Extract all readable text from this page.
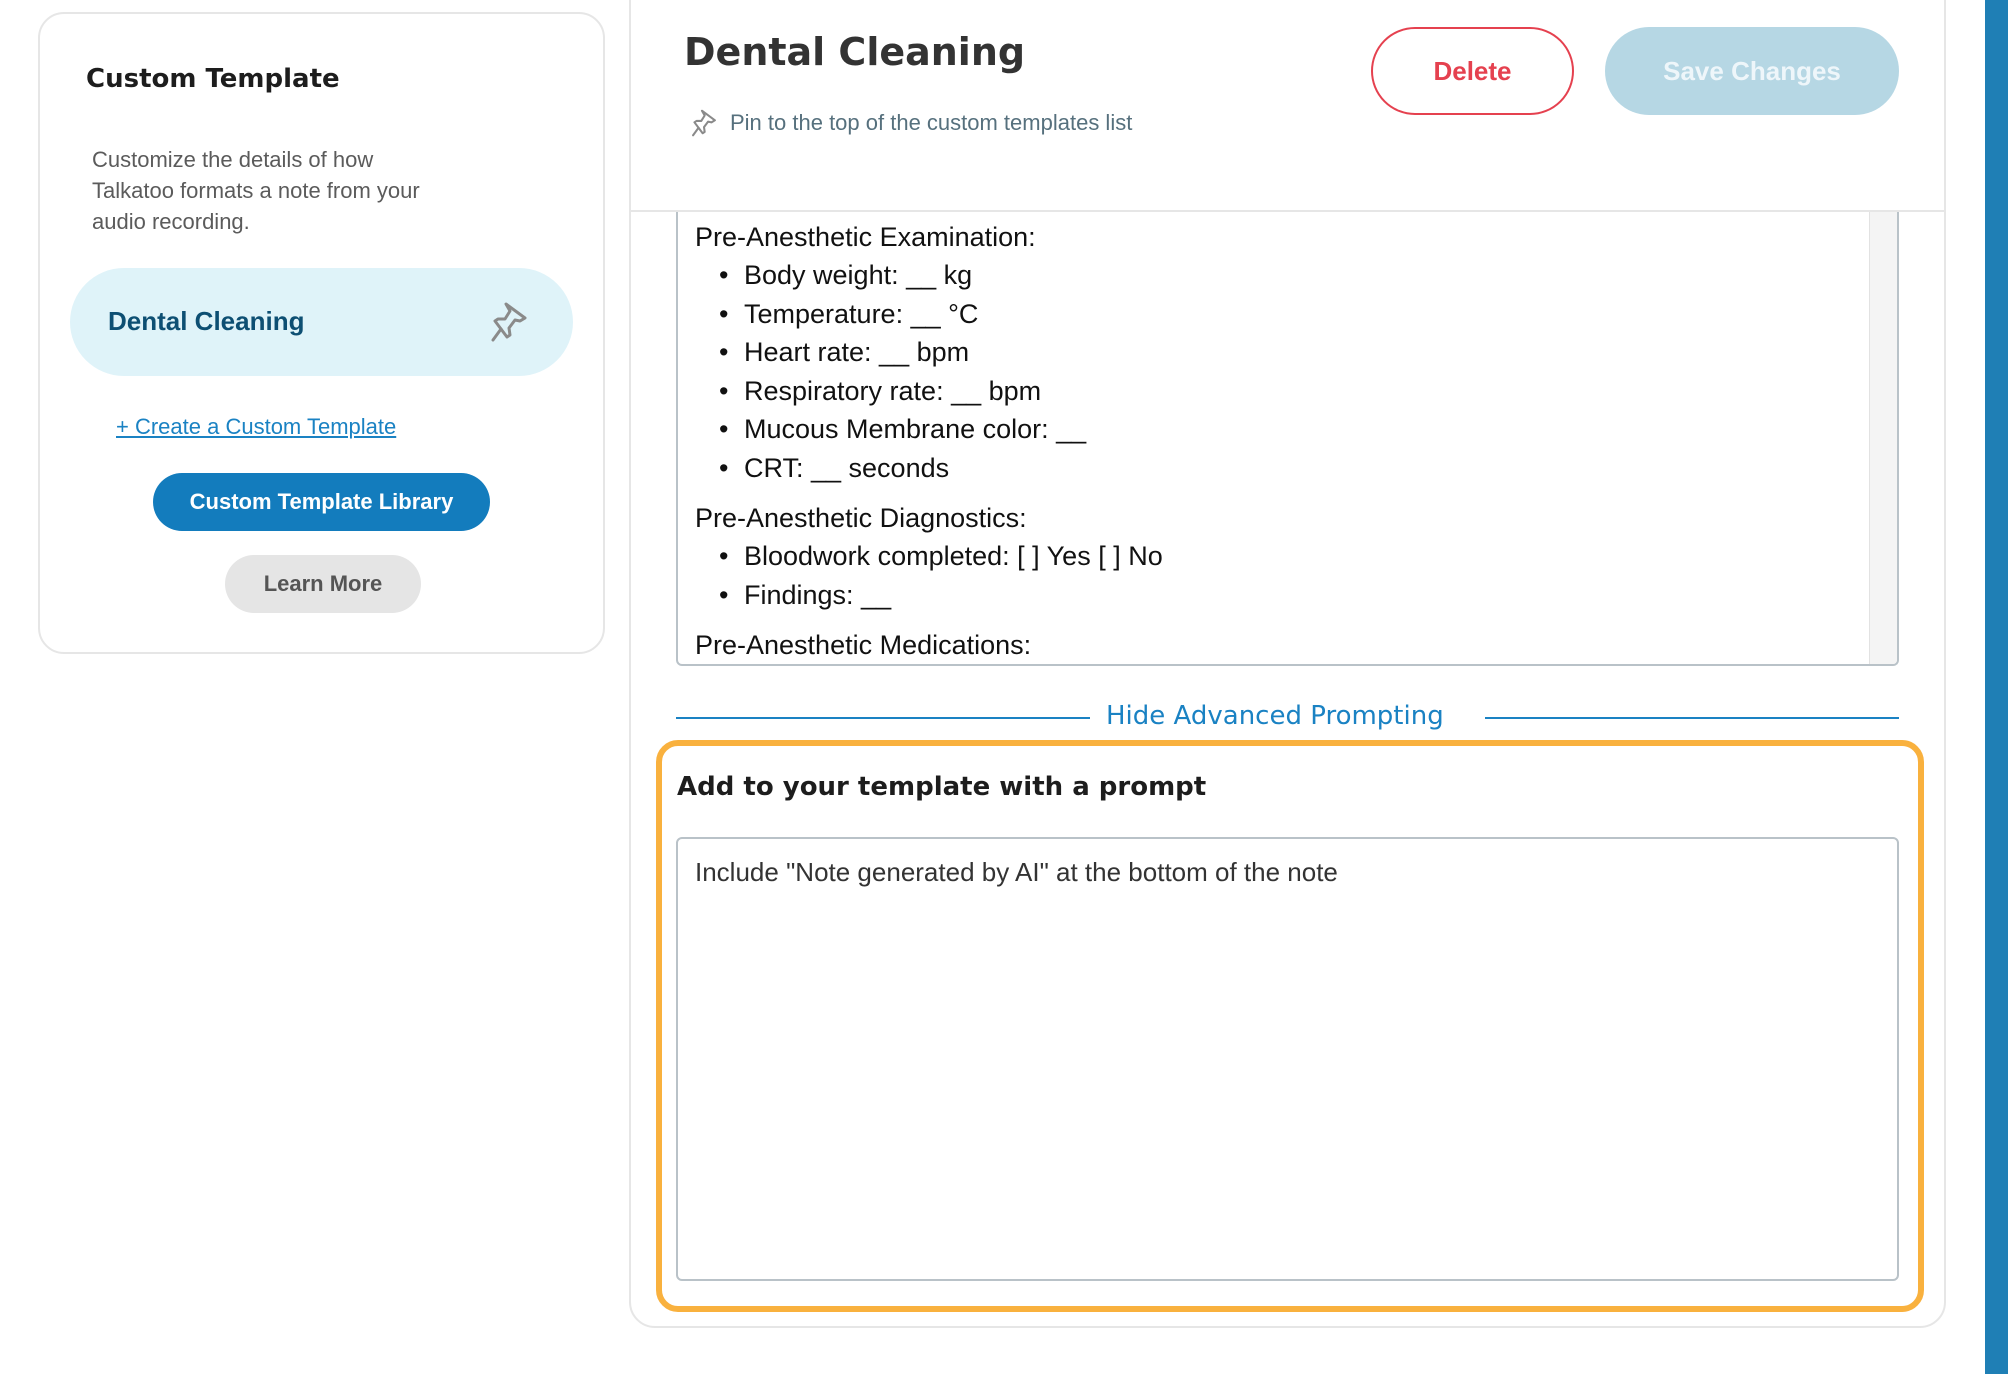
Custom Template
Customize the details of how Talkatoo formats a note from your audio recording.
Dental Cleaning
+ Create a Custom Template
Custom Template Library
Learn More
Dental Cleaning
Pin to the top of the custom templates list
Delete	Save Changes
Pre-Anesthetic Examination:
• Body weight: __ kg
• Temperature: __ °C
• Heart rate: __ bpm
• Respiratory rate: __ bpm
• Mucous Membrane color: __
• CRT: __ seconds
Pre-Anesthetic Diagnostics:
• Bloodwork completed: [ ] Yes [ ] No
• Findings: __
Pre-Anesthetic Medications:
Hide Advanced Prompting
Add to your template with a prompt
Include "Note generated by AI" at the bottom of the note
